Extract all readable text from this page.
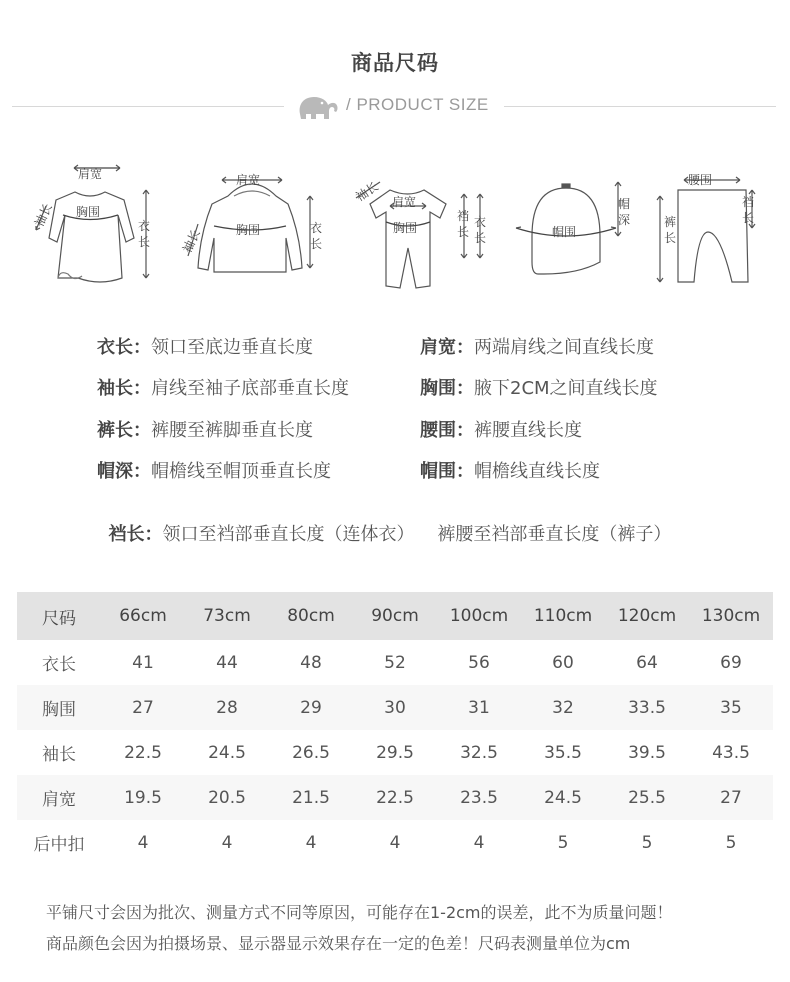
商品尺码
/ PRODUCT SIZE
肩宽
胸围
袖长	衣
长
肩宽
胸围
袖长	衣
长
肩宽
胸围
袖长
裆
长
衣
长	帽围
帽
深
腰围
裤
长
裆
长
衣长：领口至底边垂直长度	肩宽：两端肩线之间直线长度
袖长：肩线至袖子底部垂直长度	胸围：腋下2CM之间直线长度
裤长：裤腰至裤脚垂直长度	腰围：裤腰直线长度
帽深：帽檐线至帽顶垂直长度	帽围：帽檐线直线长度

裆长：领口至裆部垂直长度（连体衣）    裤腰至裆部垂直长度（裤子）

尺码	66cm	73cm	80cm	90cm	100cm	110cm	120cm	130cm
衣长	41	44	48	52	56	60	64	69
胸围	27	28	29	30	31	32	33.5	35
袖长	22.5	24.5	26.5	29.5	32.5	35.5	39.5	43.5
肩宽	19.5	20.5	21.5	22.5	23.5	24.5	25.5	27
后中扣	4	4	4	4	4	5	5	5
平铺尺寸会因为批次、测量方式不同等原因，可能存在1-2cm的误差，此不为质量问题！
商品颜色会因为拍摄场景、显示器显示效果存在一定的色差！尺码表测量单位为cm
